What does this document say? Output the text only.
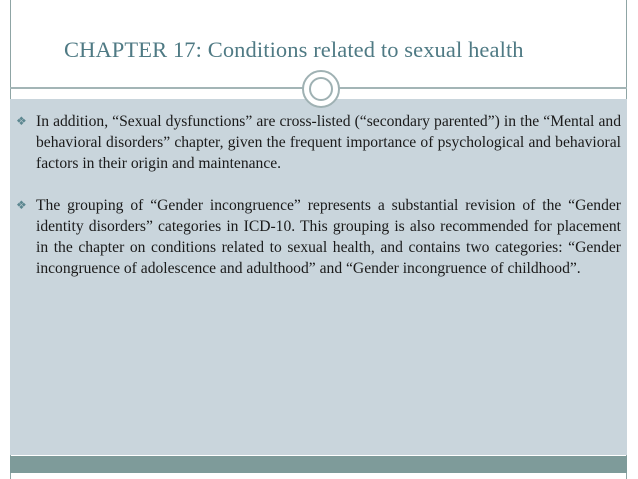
CHAPTER 17: Conditions related to sexual health
❖ In addition, “Sexual dysfunctions” are cross-listed (“secondary parented”) in the “Mental and behavioral disorders” chapter, given the frequent importance of psychological and behavioral factors in their origin and maintenance.
❖ The grouping of “Gender incongruence” represents a substantial revision of the “Gender identity disorders” categories in ICD-10. This grouping is also recommended for placement in the chapter on conditions related to sexual health, and contains two categories: “Gender incongruence of adolescence and adulthood” and “Gender incongruence of childhood”.
